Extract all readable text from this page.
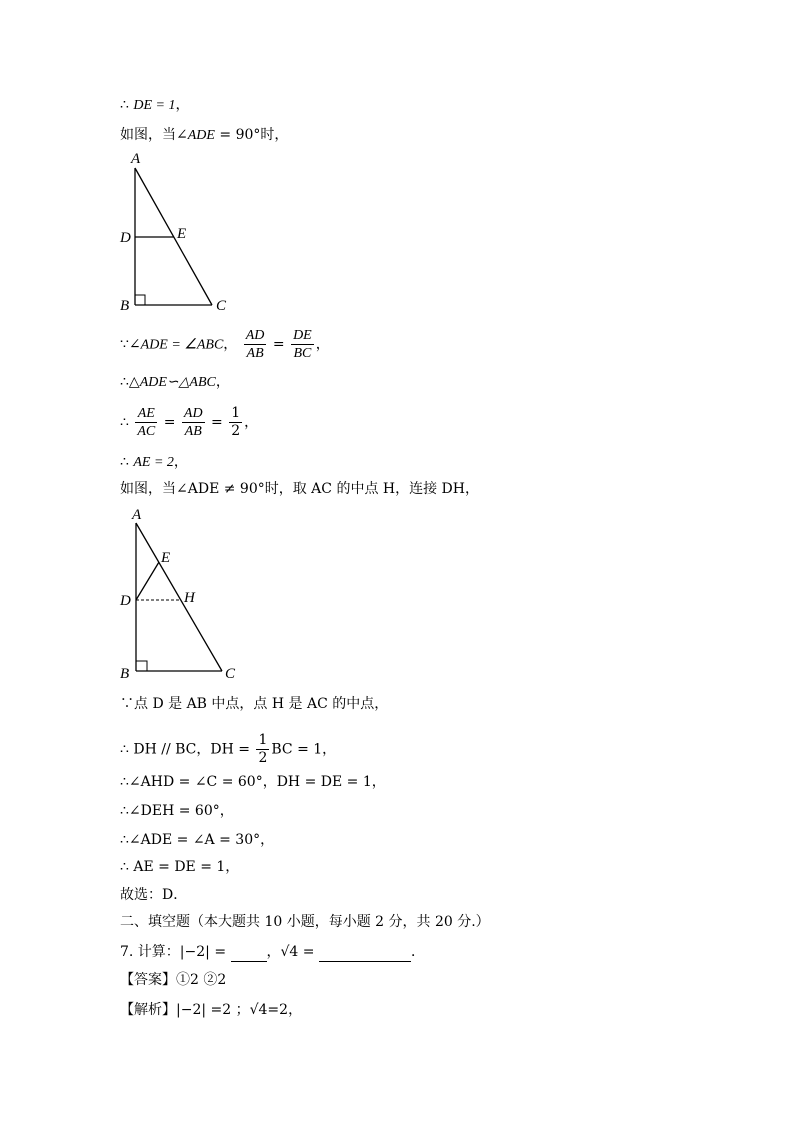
∴ DE = 1，
如图，当∠ADE = 90°时，
A
D	E
B	C
∵∠ADE = ∠ABC， $\frac{AD}{AB} = \frac{DE}{BC}$ ，
∴△ADE∽△ABC，
∴ $\frac{AE}{AC} = \frac{AD}{AB} = \frac{1}{2}$ ，
∴ AE = 2，
如图，当∠ADE ≠ 90°时，取 AC 的中点 H，连接 DH，
A
E
D	H
B	C
∵点 D 是 AB 中点，点 H 是 AC 的中点，
∴ DH // BC，DH = $\frac{1}{2}$ BC = 1，
∴∠AHD = ∠C = 60°，DH = DE = 1，
∴∠DEH = 60°，
∴∠ADE = ∠A = 30°，
∴ AE = DE = 1，
故选：D．
二、填空题（本大题共 10 小题，每小题 2 分，共 20 分.）
7. 计算：|−2| =	，√4 =	．
【答案】①2 ②2
【解析】|−2| =2 ；√4=2，
